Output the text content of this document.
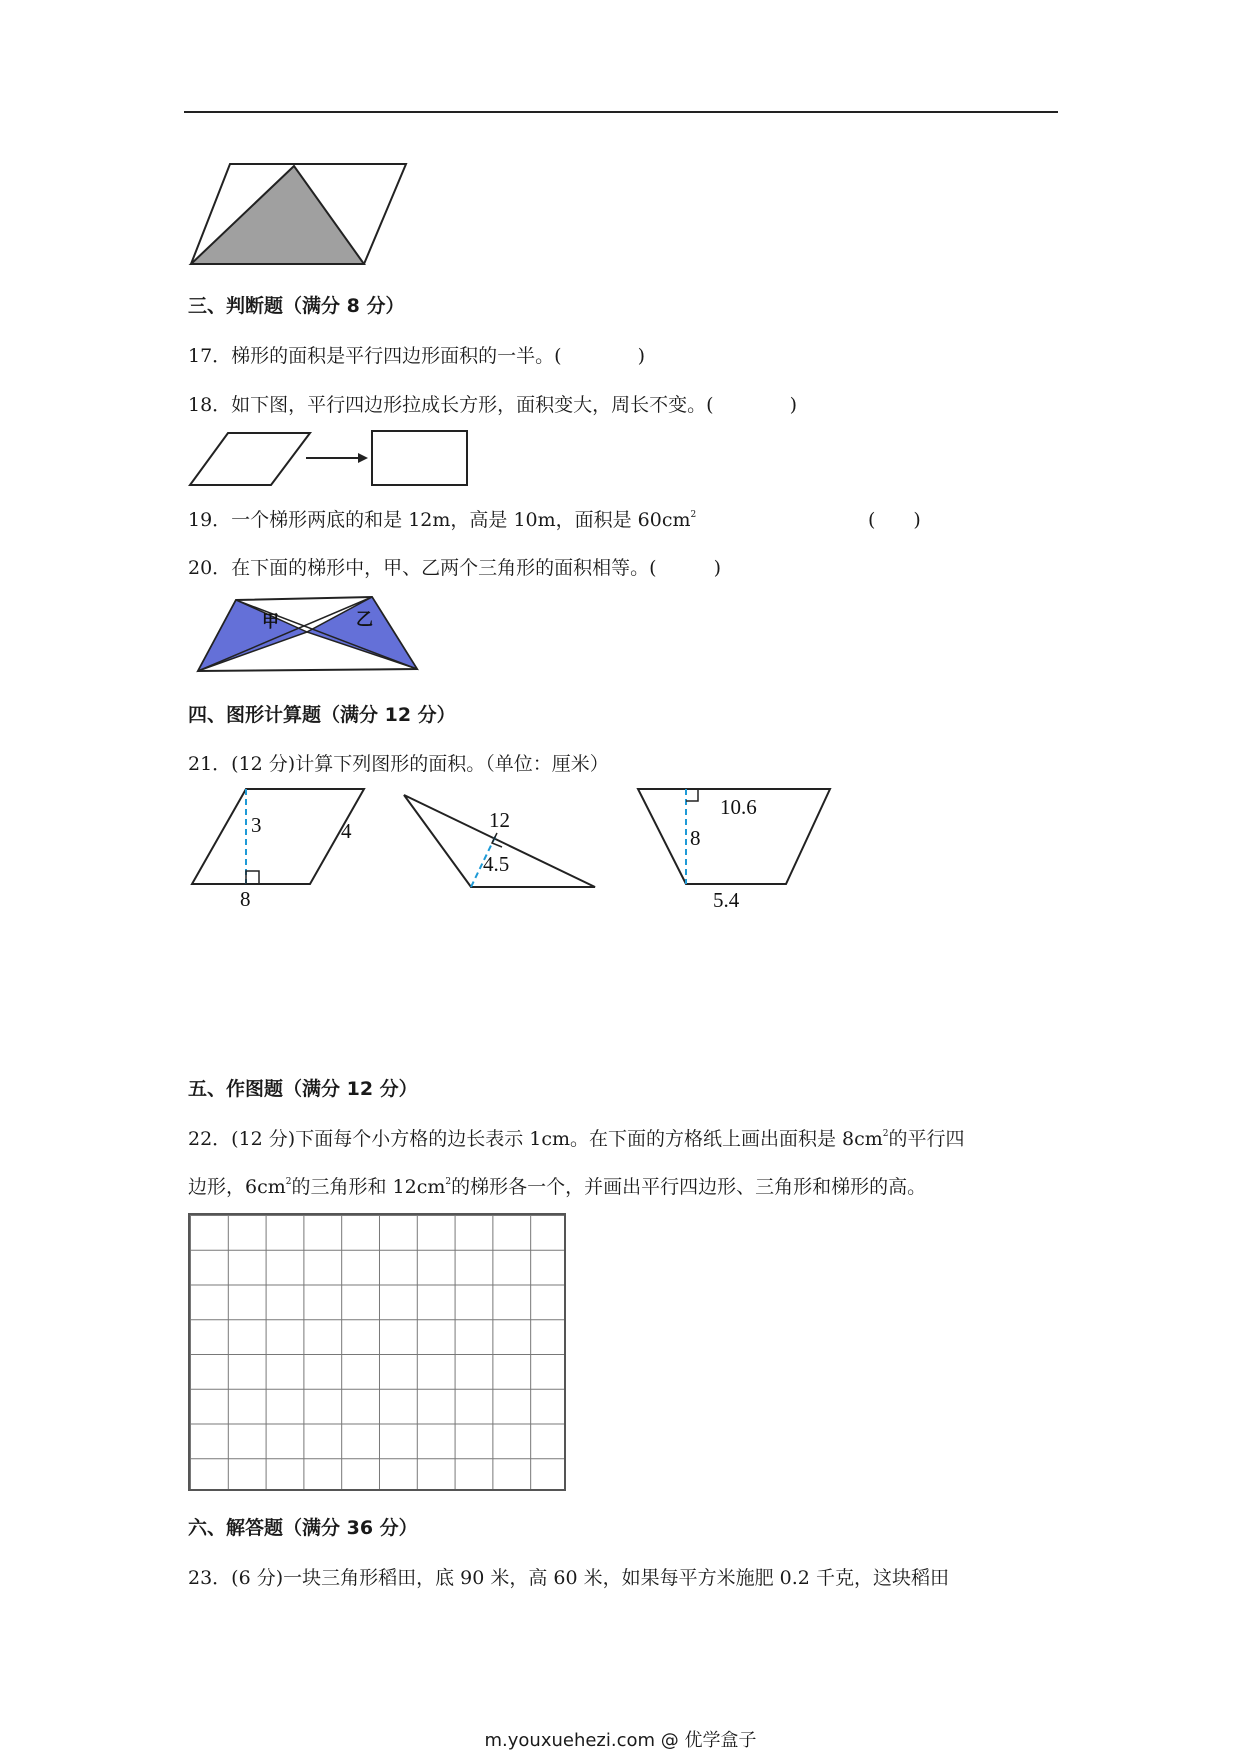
三、判断题（满分 8 分）
17．梯形的面积是平行四边形面积的一半。(　　　　)
18．如下图，平行四边形拉成长方形，面积变大，周长不变。(　　　　)
19．一个梯形两底的和是 12m，高是 10m，面积是 $60cm^2$	(　　)
20．在下面的梯形中，甲、乙两个三角形的面积相等。(　　　)
甲	乙
四、图形计算题（满分 12 分）
21．(12 分)计算下列图形的面积。（单位：厘米）
3	4
8
12
4.5
10.6
8
5.4
五、作图题（满分 12 分）
22．(12 分)下面每个小方格的边长表示 1cm。在下面的方格纸上画出面积是 $8cm^2$的平行四
边形，$6cm^2$的三角形和 $12cm^2$的梯形各一个，并画出平行四边形、三角形和梯形的高。
六、解答题（满分 36 分）
23．(6 分)一块三角形稻田，底 90 米，高 60 米，如果每平方米施肥 0.2 千克，这块稻田
m.youxuehezi.com @ 优学盒子
